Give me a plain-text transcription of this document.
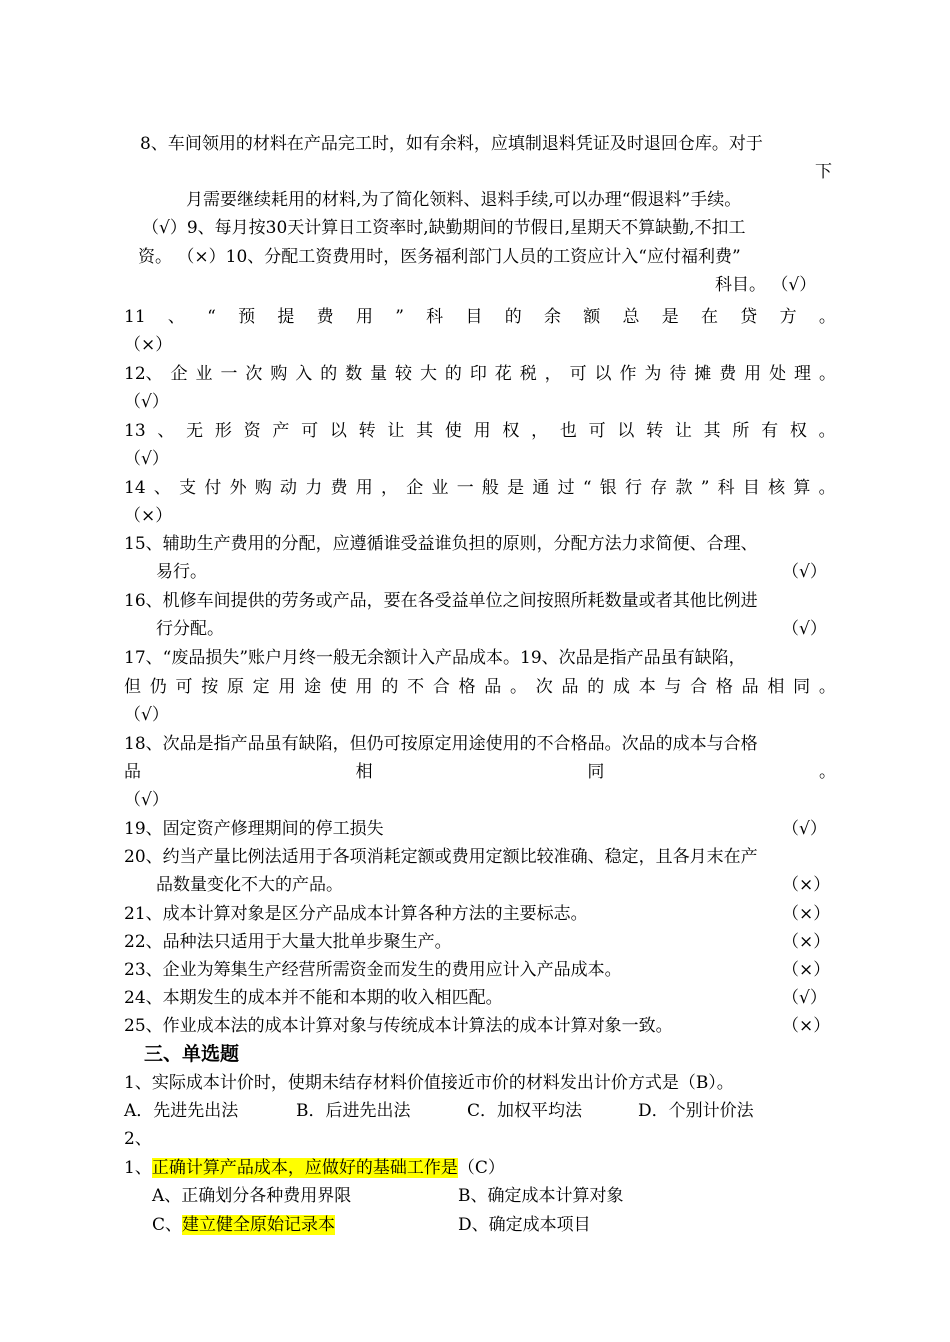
8、车间领用的材料在产品完工时，如有余料，应填制退料凭证及时退回仓库。对于
下
月需要继续耗用的材料,为了简化领料、退料手续,可以办理“假退料”手续。
（√）9、每月按30天计算日工资率时,缺勤期间的节假日,星期天不算缺勤,不扣工
资。 （×）10、分配工资费用时，医务福利部门人员的工资应计入“应付福利费”
科目。 （√）
11 、 “ 预 提 费 用 ” 科 目 的 余 额 总 是 在 贷 方 。
（×）
12、 企 业 一 次 购 入 的 数 量 较 大 的 印 花 税 ， 可 以 作 为 待 摊 费 用 处 理 。
（√）
13 、 无 形 资 产 可 以 转 让 其 使 用 权 ， 也 可 以 转 让 其 所 有 权 。
（√）
14 、 支 付 外 购 动 力 费 用 ， 企 业 一 般 是 通 过 “ 银 行 存 款 ” 科 目 核 算 。
（×）
15、辅助生产费用的分配，应遵循谁受益谁负担的原则，分配方法力求简便、合理、
易行。	（√）
16、机修车间提供的劳务或产品，要在各受益单位之间按照所耗数量或者其他比例进
行分配。	（√）
17、“废品损失”账户月终一般无余额计入产品成本。19、次品是指产品虽有缺陷，
但 仍 可 按 原 定 用 途 使 用 的 不 合 格 品 。 次 品 的 成 本 与 合 格 品 相 同 。
（√）
18、次品是指产品虽有缺陷，但仍可按原定用途使用的不合格品。次品的成本与合格
品	相	同	。
（√）
19、固定资产修理期间的停工损失	（√）
20、约当产量比例法适用于各项消耗定额或费用定额比较准确、稳定，且各月末在产
品数量变化不大的产品。	（×）
21、成本计算对象是区分产品成本计算各种方法的主要标志。	（×）
22、品种法只适用于大量大批单步聚生产。	（×）
23、企业为筹集生产经营所需资金而发生的费用应计入产品成本。	（×）
24、本期发生的成本并不能和本期的收入相匹配。	（√）
25、作业成本法的成本计算对象与传统成本计算法的成本计算对象一致。	（×）
三、单选题
1、实际成本计价时，使期未结存材料价值接近市价的材料发出计价方式是（B）。
A．先进先出法	B．后进先出法	C．加权平均法	D．个别计价法
2、
1、正确计算产品成本，应做好的基础工作是（C）
A、正确划分各种费用界限	B、确定成本计算对象
C、建立健全原始记录本	D、确定成本项目
